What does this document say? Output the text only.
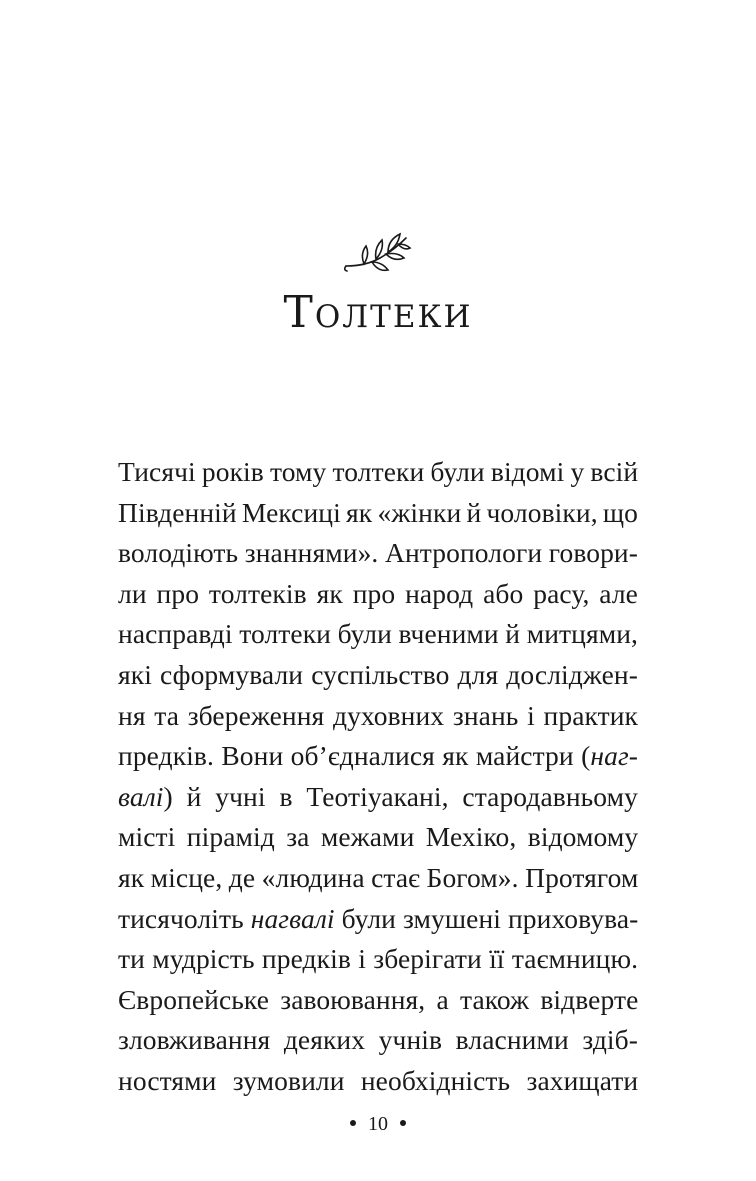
Толтеки
Тисячі років тому толтеки були відомі у всій
Південній Мексиці як «жінки й чоловіки, що
володіють знаннями». Антропологи говори-
ли про толтеків як про народ або расу, але
насправді толтеки були вченими й митцями,
які сформували суспільство для досліджен-
ня та збереження духовних знань і практик
предків. Вони об’єдналися як майстри (наг-
валі) й учні в Теотіуакані, стародавньому
місті пірамід за межами Мехіко, відомому
як місце, де «людина стає Богом». Протягом
тисячоліть нагвалі були змушені приховува-
ти мудрість предків і зберігати її таємницю.
Європейське завоювання, а також відверте
зловживання деяких учнів власними здіб-
ностями зумовили необхідність захищати
10
